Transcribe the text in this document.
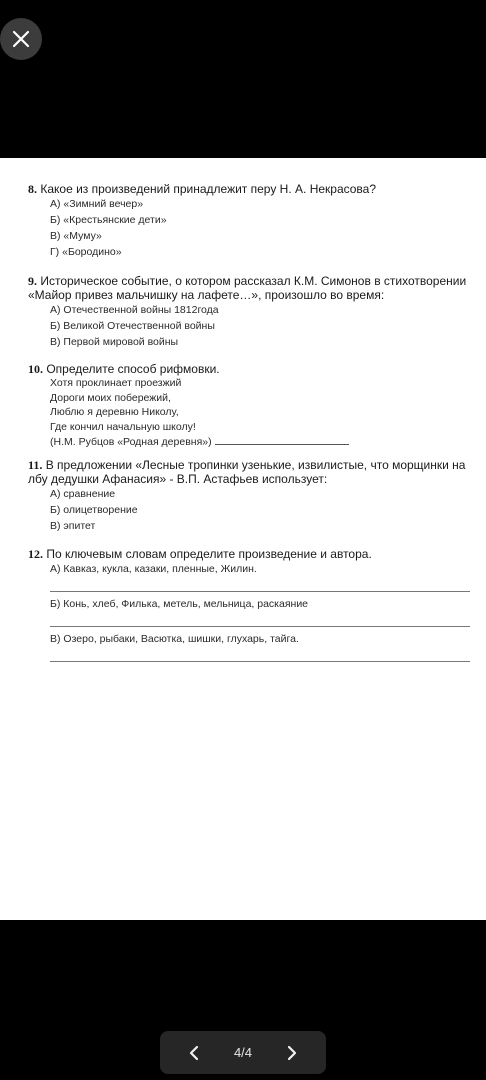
8. Какое из произведений принадлежит перу Н. А. Некрасова?
А) «Зимний вечер»
Б) «Крестьянские дети»
В) «Муму»
Г) «Бородино»
9. Историческое событие, о котором рассказал К.М. Симонов в стихотворении «Майор привез мальчишку на лафете…», произошло во время:
А) Отечественной войны 1812года
Б) Великой Отечественной войны
В) Первой мировой войны
10. Определите способ рифмовки.
Хотя проклинает проезжий
Дороги моих побережий,
Люблю я деревню Николу,
Где кончил начальную школу!
(Н.М. Рубцов «Родная деревня»)
11. В предложении «Лесные тропинки узенькие, извилистые, что морщинки на лбу дедушки Афанасия» - В.П. Астафьев использует:
А) сравнение
Б) олицетворение
В) эпитет
12. По ключевым словам определите произведение и автора.
А) Кавказ, кукла, казаки, пленные, Жилин.
Б) Конь, хлеб, Филька, метель, мельница, раскаяние
В) Озеро, рыбаки, Васютка, шишки, глухарь, тайга.
4/4
